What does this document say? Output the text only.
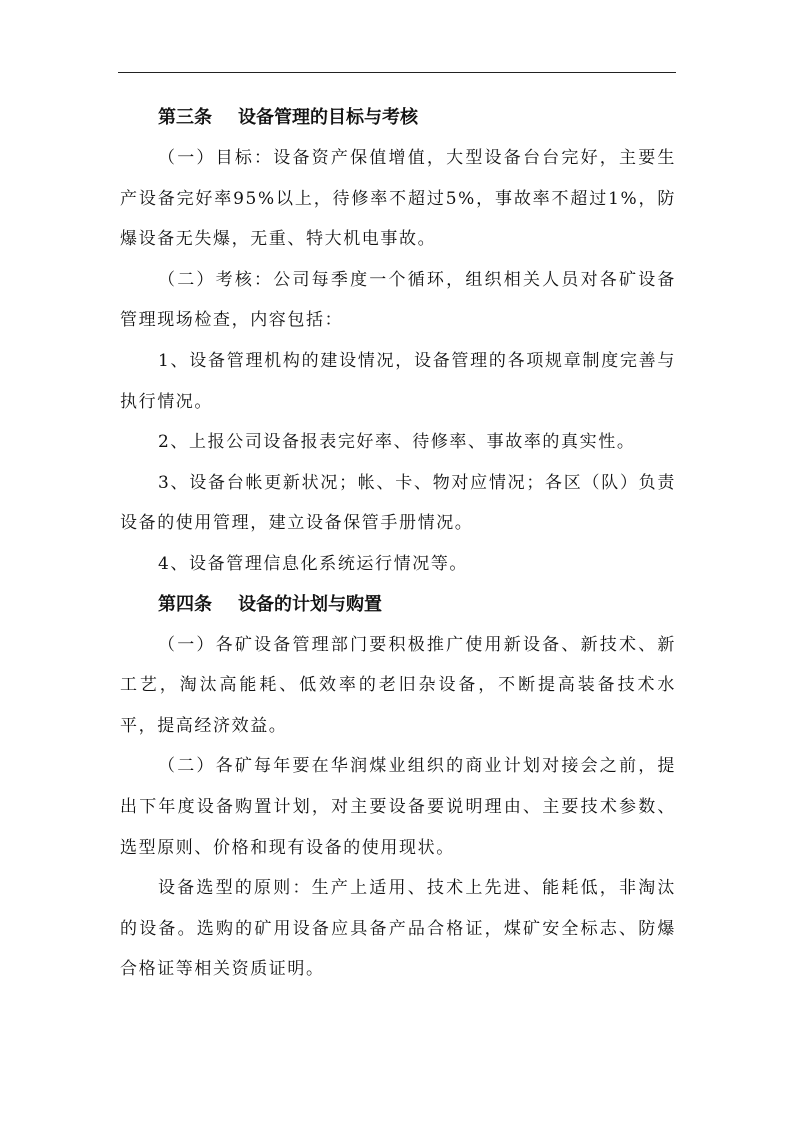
第三条 设备管理的目标与考核

（一）目标：设备资产保值增值，大型设备台台完好，主要生产设备完好率95%以上，待修率不超过5%，事故率不超过1%，防爆设备无失爆，无重、特大机电事故。

（二）考核：公司每季度一个循环，组织相关人员对各矿设备管理现场检查，内容包括：

1、设备管理机构的建设情况，设备管理的各项规章制度完善与执行情况。

2、上报公司设备报表完好率、待修率、事故率的真实性。

3、设备台帐更新状况；帐、卡、物对应情况；各区（队）负责设备的使用管理，建立设备保管手册情况。

4、设备管理信息化系统运行情况等。

第四条 设备的计划与购置

（一）各矿设备管理部门要积极推广使用新设备、新技术、新工艺，淘汰高能耗、低效率的老旧杂设备，不断提高装备技术水平，提高经济效益。

（二）各矿每年要在华润煤业组织的商业计划对接会之前，提出下年度设备购置计划，对主要设备要说明理由、主要技术参数、选型原则、价格和现有设备的使用现状。

设备选型的原则：生产上适用、技术上先进、能耗低，非淘汰的设备。选购的矿用设备应具备产品合格证，煤矿安全标志、防爆合格证等相关资质证明。
